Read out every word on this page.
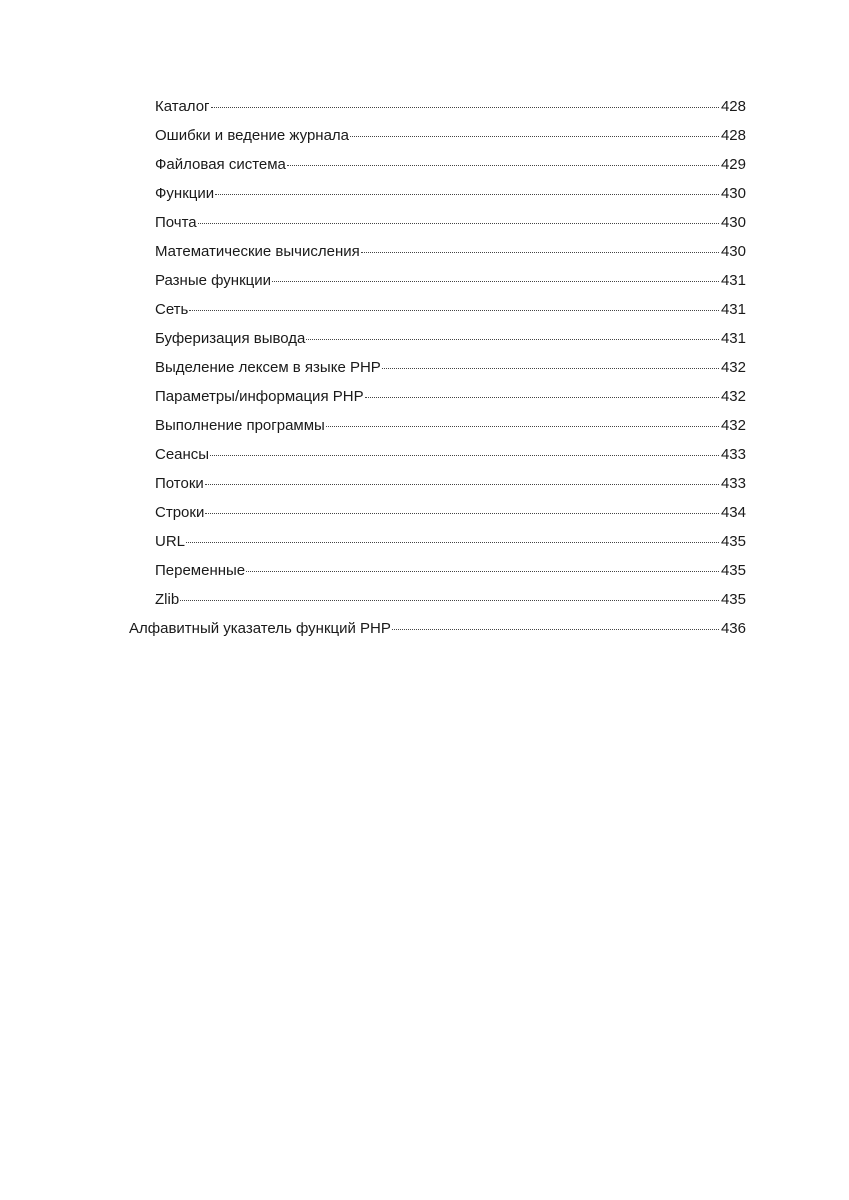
Каталог	428
Ошибки и ведение журнала	428
Файловая система	429
Функции	430
Почта	430
Математические вычисления	430
Разные функции	431
Сеть	431
Буферизация вывода	431
Выделение лексем в языке PHP	432
Параметры/информация PHP	432
Выполнение программы	432
Сеансы	433
Потоки	433
Строки	434
URL	435
Переменные	435
Zlib	435
Алфавитный указатель функций PHP	436
